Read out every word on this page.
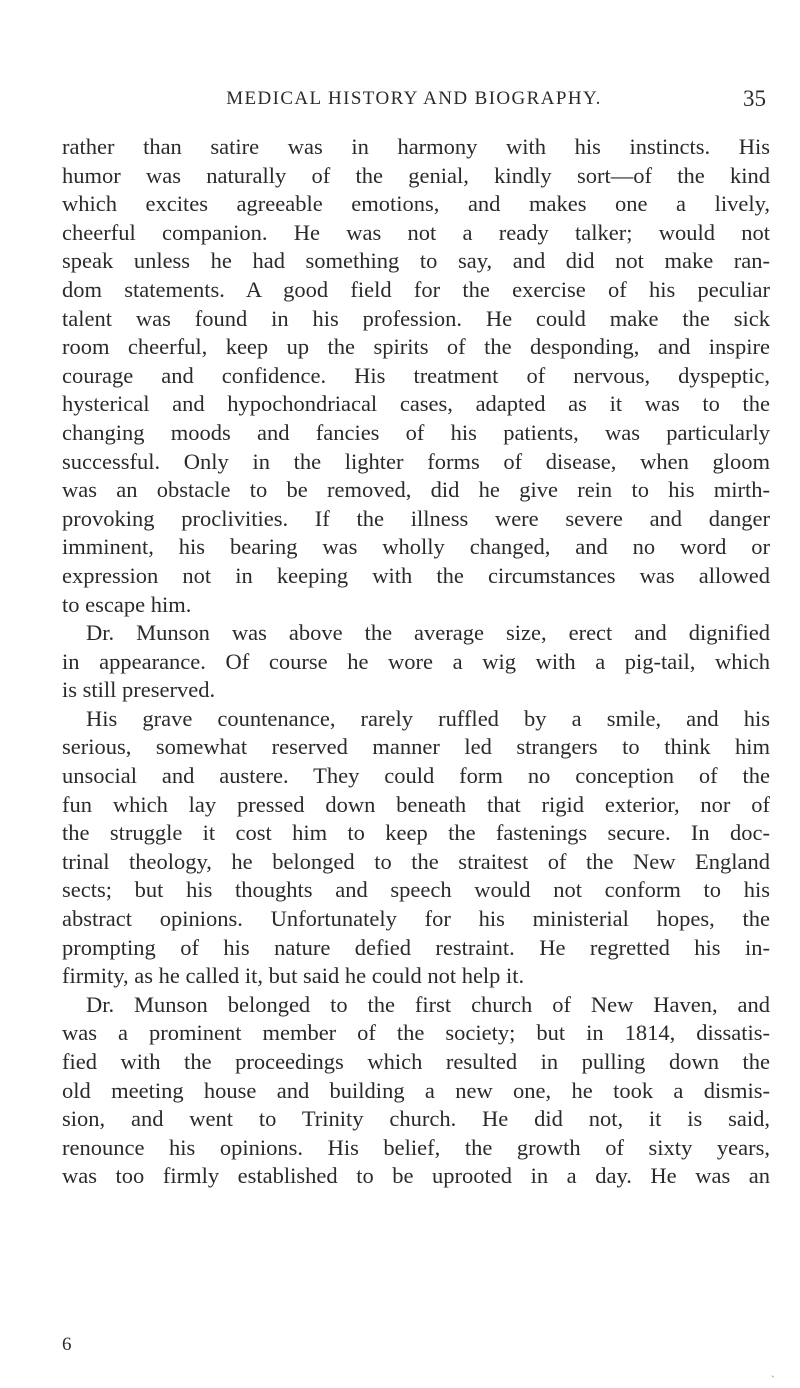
MEDICAL HISTORY AND BIOGRAPHY.	35
rather than satire was in harmony with his instincts. His
humor was naturally of the genial, kindly sort—of the kind
which excites agreeable emotions, and makes one a lively,
cheerful companion. He was not a ready talker; would not
speak unless he had something to say, and did not make ran-
dom statements. A good field for the exercise of his peculiar
talent was found in his profession. He could make the sick
room cheerful, keep up the spirits of the desponding, and inspire
courage and confidence. His treatment of nervous, dyspeptic,
hysterical and hypochondriacal cases, adapted as it was to the
changing moods and fancies of his patients, was particularly
successful. Only in the lighter forms of disease, when gloom
was an obstacle to be removed, did he give rein to his mirth-
provoking proclivities. If the illness were severe and danger
imminent, his bearing was wholly changed, and no word or
expression not in keeping with the circumstances was allowed
to escape him.
Dr. Munson was above the average size, erect and dignified
in appearance. Of course he wore a wig with a pig-tail, which
is still preserved.
His grave countenance, rarely ruffled by a smile, and his
serious, somewhat reserved manner led strangers to think him
unsocial and austere. They could form no conception of the
fun which lay pressed down beneath that rigid exterior, nor of
the struggle it cost him to keep the fastenings secure. In doc-
trinal theology, he belonged to the straitest of the New England
sects; but his thoughts and speech would not conform to his
abstract opinions. Unfortunately for his ministerial hopes, the
prompting of his nature defied restraint. He regretted his in-
firmity, as he called it, but said he could not help it.
Dr. Munson belonged to the first church of New Haven, and
was a prominent member of the society; but in 1814, dissatis-
fied with the proceedings which resulted in pulling down the
old meeting house and building a new one, he took a dismis-
sion, and went to Trinity church. He did not, it is said,
renounce his opinions. His belief, the growth of sixty years,
was too firmly established to be uprooted in a day. He was an
6
`
